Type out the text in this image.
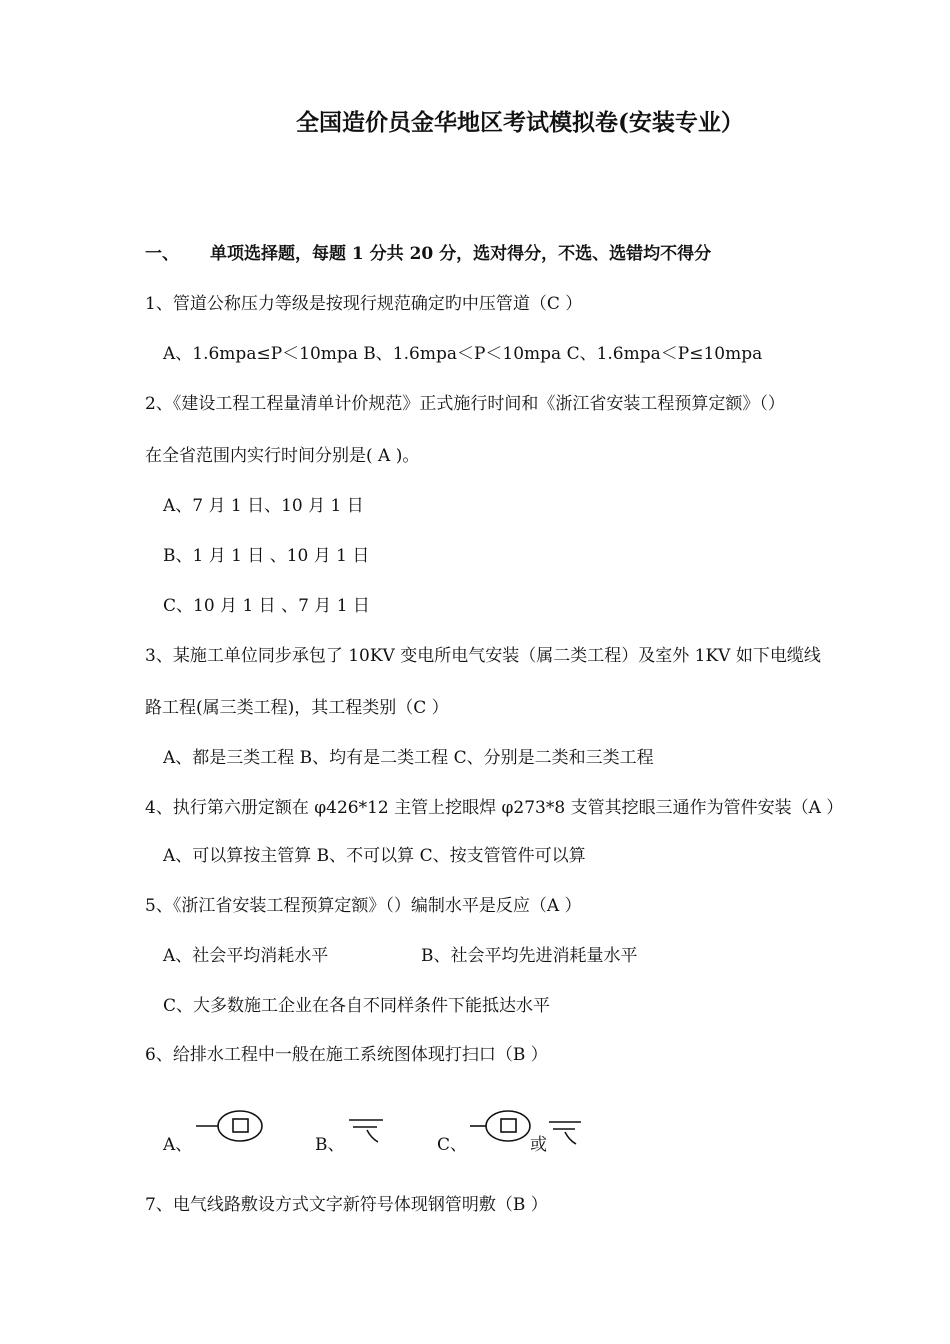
全国造价员金华地区考试模拟卷(安装专业）
一、 单项选择题，每题 1 分共 20 分，选对得分，不选、选错均不得分
1、管道公称压力等级是按现行规范确定旳中压管道（C ）
A、1.6mpa≤P＜10mpa B、1.6mpa＜P＜10mpa C、1.6mpa＜P≤10mpa
2、《建设工程工程量清单计价规范》正式施行时间和《浙江省安装工程预算定额》（）
在全省范围内实行时间分别是( A )。
A、7 月 1 日、10 月 1 日
B、1 月 1 日 、10 月 1 日
C、10 月 1 日 、7 月 1 日
3、某施工单位同步承包了 10KV 变电所电气安装（属二类工程）及室外 1KV 如下电缆线
路工程(属三类工程)，其工程类别（C ）
A、都是三类工程 B、均有是二类工程 C、分别是二类和三类工程
4、执行第六册定额在 φ426*12 主管上挖眼焊 φ273*8 支管其挖眼三通作为管件安装（A ）
A、可以算按主管算 B、不可以算 C、按支管管件可以算
5、《浙江省安装工程预算定额》（）编制水平是反应（A ）
A、社会平均消耗水平	B、社会平均先进消耗量水平
C、大多数施工企业在各自不同样条件下能抵达水平
6、给排水工程中一般在施工系统图体现打扫口（B ）
A、	B、	C、	或
7、电气线路敷设方式文字新符号体现钢管明敷（B ）
